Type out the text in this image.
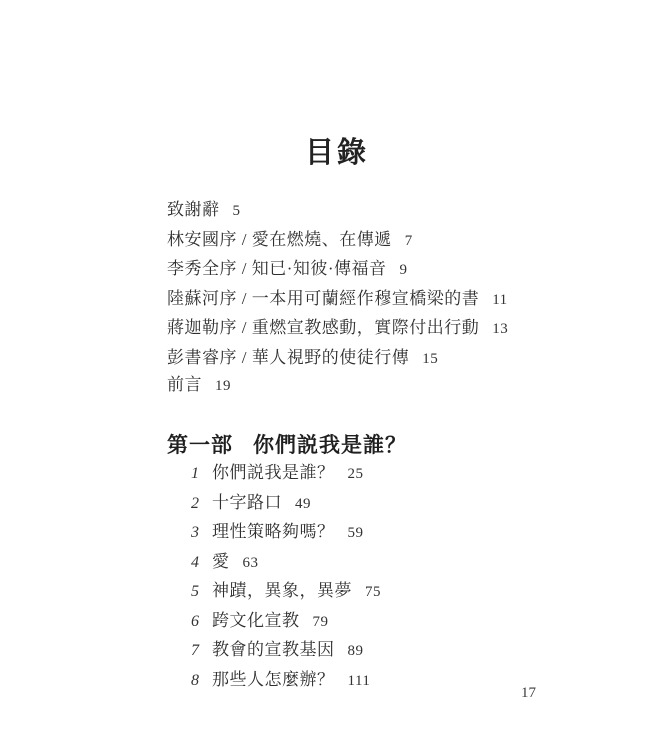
目錄
致謝辭 5
林安國序 / 愛在燃燒、在傳遞 7
李秀全序 / 知已·知彼·傳福音 9
陸蘇河序 / 一本用可蘭經作穆宣橋梁的書 11
蔣迦勒序 / 重燃宣教感動，實際付出行動 13
彭書睿序 / 華人視野的使徒行傳 15
前言 19
第一部 你們説我是誰？
1 你們説我是誰？ 25
2 十字路口 49
3 理性策略夠嗎？ 59
4 愛 63
5 神蹟，異象，異夢 75
6 跨文化宣教 79
7 教會的宣教基因 89
8 那些人怎麼辦？ 111
17
